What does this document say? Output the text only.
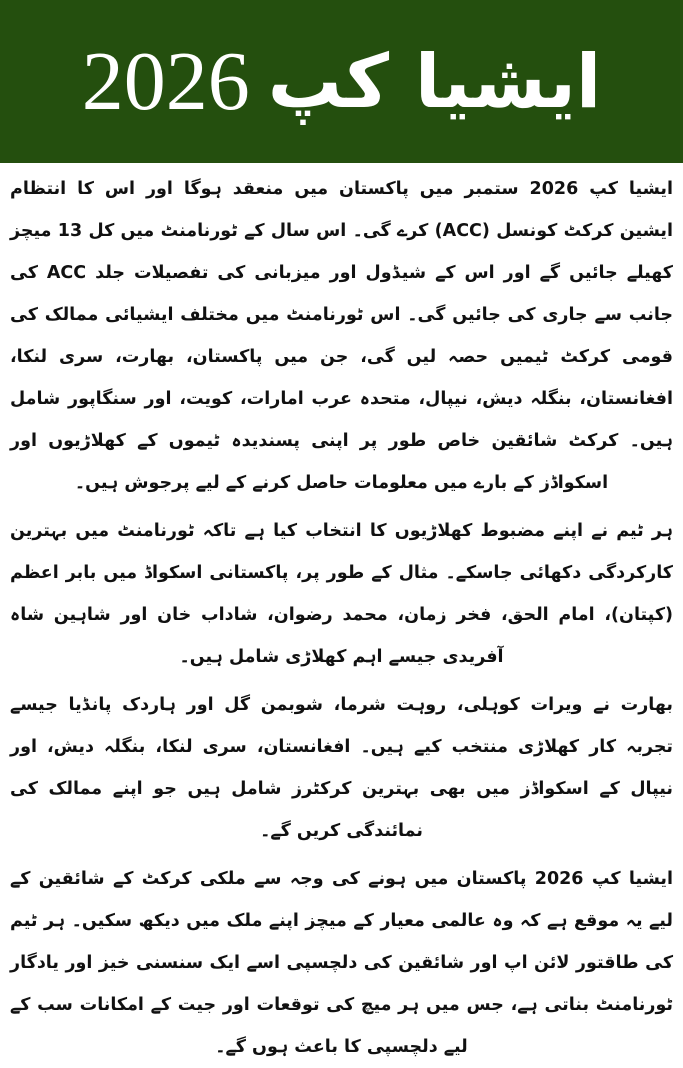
ایشیا کپ
2026

ایشیا کپ 2026 ستمبر میں پاکستان میں منعقد ہوگا اور اس کا انتظام ایشین کرکٹ کونسل (ACC) کرے گی۔ اس سال کے ٹورنامنٹ میں کل 13 میچز کھیلے جائیں گے اور اس کے شیڈول اور میزبانی کی تفصیلات جلد ACC کی جانب سے جاری کی جائیں گی۔ اس ٹورنامنٹ میں مختلف ایشیائی ممالک کی قومی کرکٹ ٹیمیں حصہ لیں گی، جن میں پاکستان، بھارت، سری لنکا، افغانستان، بنگلہ دیش، نیپال، متحدہ عرب امارات، کویت، اور سنگاپور شامل ہیں۔ کرکٹ شائقین خاص طور پر اپنی پسندیدہ ٹیموں کے کھلاڑیوں اور اسکواڈز کے بارے میں معلومات حاصل کرنے کے لیے پرجوش ہیں۔

ہر ٹیم نے اپنے مضبوط کھلاڑیوں کا انتخاب کیا ہے تاکہ ٹورنامنٹ میں بہترین کارکردگی دکھائی جاسکے۔ مثال کے طور پر، پاکستانی اسکواڈ میں بابر اعظم (کپتان)، امام الحق، فخر زمان، محمد رضوان، شاداب خان اور شاہین شاہ آفریدی جیسے اہم کھلاڑی شامل ہیں۔

بھارت نے ویرات کوہلی، روہت شرما، شوبمن گل اور ہاردک پانڈیا جیسے تجربہ کار کھلاڑی منتخب کیے ہیں۔ افغانستان، سری لنکا، بنگلہ دیش، اور نیپال کے اسکواڈز میں بھی بہترین کرکٹرز شامل ہیں جو اپنے ممالک کی نمائندگی کریں گے۔

ایشیا کپ 2026 پاکستان میں ہونے کی وجہ سے ملکی کرکٹ کے شائقین کے لیے یہ موقع ہے کہ وہ عالمی معیار کے میچز اپنے ملک میں دیکھ سکیں۔ ہر ٹیم کی طاقتور لائن اپ اور شائقین کی دلچسپی اسے ایک سنسنی خیز اور یادگار ٹورنامنٹ بناتی ہے، جس میں ہر میچ کی توقعات اور جیت کے امکانات سب کے لیے دلچسپی کا باعث ہوں گے۔
